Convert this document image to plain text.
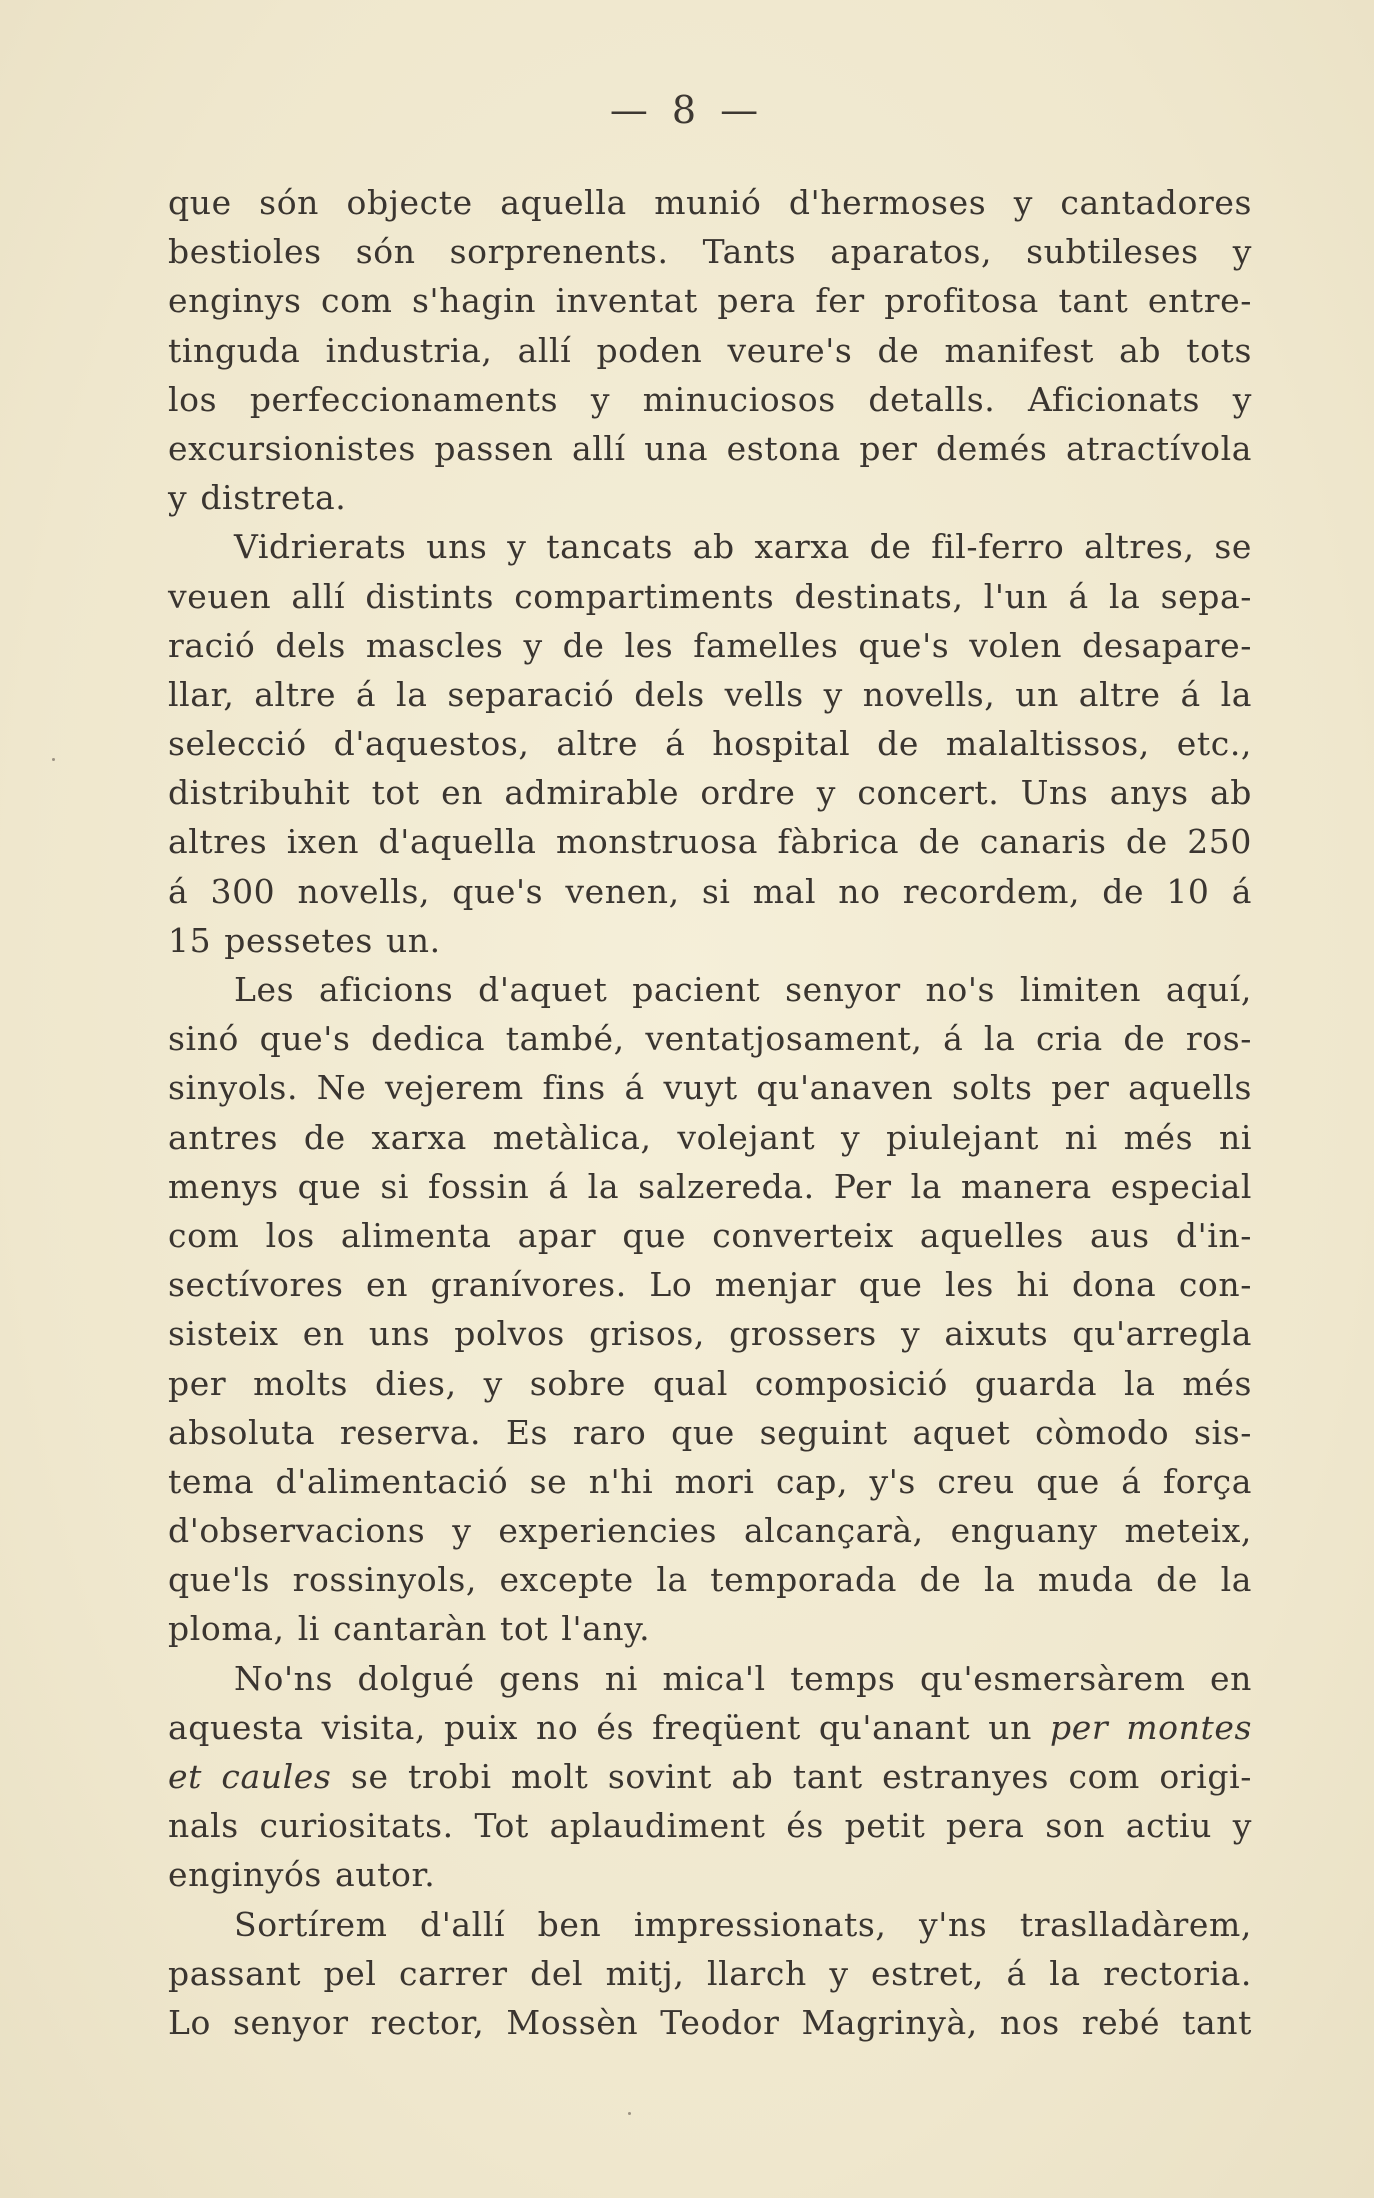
— 8 —
que són objecte aquella munió d'hermoses y cantadores
bestioles són sorprenents. Tants aparatos, subtileses y
enginys com s'hagin inventat pera fer profitosa tant entre-
tinguda industria, allí poden veure's de manifest ab tots
los perfeccionaments y minuciosos detalls. Aficionats y
excursionistes passen allí una estona per demés atractívola
y distreta.
Vidrierats uns y tancats ab xarxa de fil-ferro altres, se
veuen allí distints compartiments destinats, l'un á la sepa-
ració dels mascles y de les famelles que's volen desapare-
llar, altre á la separació dels vells y novells, un altre á la
selecció d'aquestos, altre á hospital de malaltissos, etc.,
distribuhit tot en admirable ordre y concert. Uns anys ab
altres ixen d'aquella monstruosa fàbrica de canaris de 250
á 300 novells, que's venen, si mal no recordem, de 10 á
15 pessetes un.
Les aficions d'aquet pacient senyor no's limiten aquí,
sinó que's dedica també, ventatjosament, á la cria de ros-
sinyols. Ne vejerem fins á vuyt qu'anaven solts per aquells
antres de xarxa metàlica, volejant y piulejant ni més ni
menys que si fossin á la salzereda. Per la manera especial
com los alimenta apar que converteix aquelles aus d'in-
sectívores en granívores. Lo menjar que les hi dona con-
sisteix en uns polvos grisos, grossers y aixuts qu'arregla
per molts dies, y sobre qual composició guarda la més
absoluta reserva. Es raro que seguint aquet còmodo sis-
tema d'alimentació se n'hi mori cap, y's creu que á força
d'observacions y experiencies alcançarà, enguany meteix,
que'ls rossinyols, excepte la temporada de la muda de la
ploma, li cantaràn tot l'any.
No'ns dolgué gens ni mica'l temps qu'esmersàrem en
aquesta visita, puix no és freqüent qu'anant un per montes
et caules se trobi molt sovint ab tant estranyes com origi-
nals curiositats. Tot aplaudiment és petit pera son actiu y
enginyós autor.
Sortírem d'allí ben impressionats, y'ns traslladàrem,
passant pel carrer del mitj, llarch y estret, á la rectoria.
Lo senyor rector, Mossèn Teodor Magrinyà, nos rebé tant
